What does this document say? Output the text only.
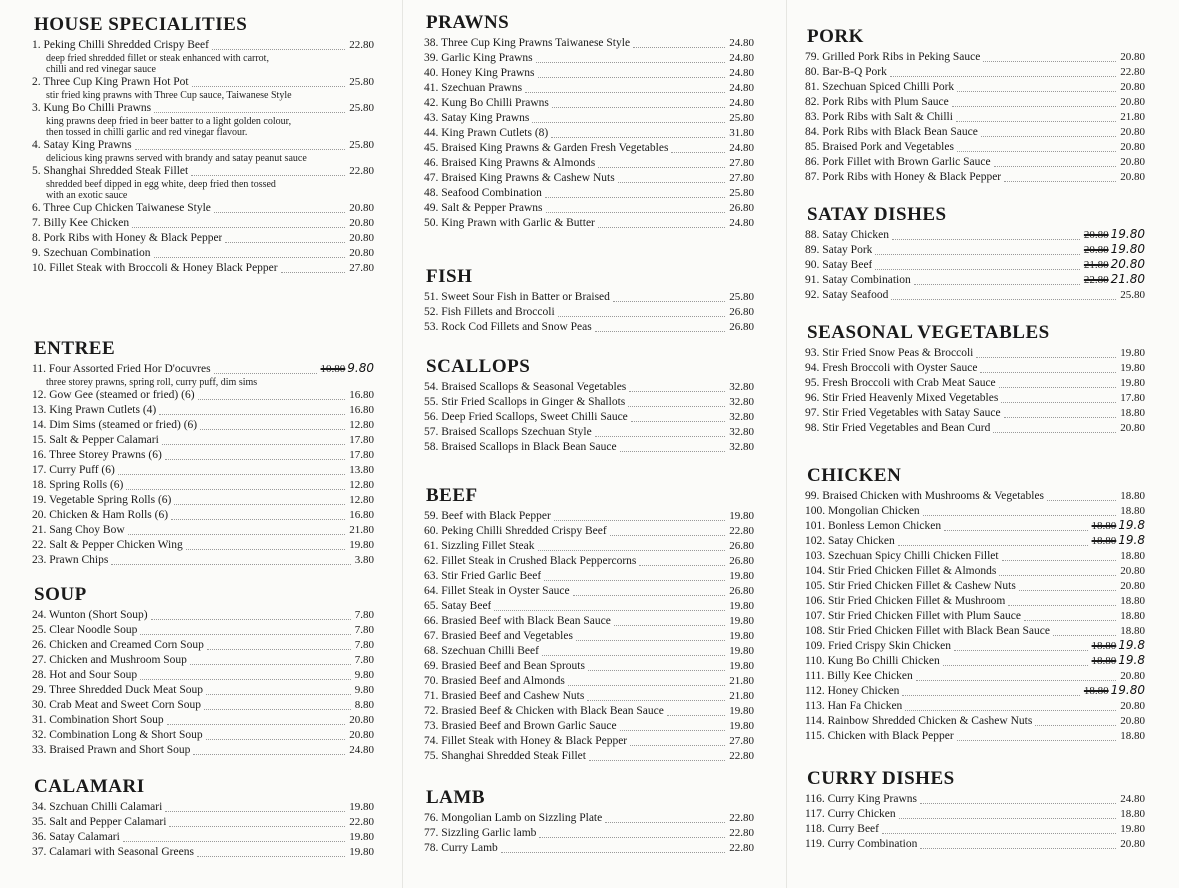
HOUSE SPECIALITIES
1. Peking Chilli Shredded Crispy Beef	22.80
deep fried shredded fillet or steak enhanced with carrot,
chilli and red vinegar sauce
2. Three Cup King Prawn Hot Pot	25.80
stir fried king prawns with Three Cup sauce, Taiwanese Style
3. Kung Bo Chilli Prawns	25.80
king prawns deep fried in beer batter to a light golden colour,
then tossed in chilli garlic and red vinegar flavour.
4. Satay King Prawns	25.80
delicious king prawns served with brandy and satay peanut sauce
5. Shanghai Shredded Steak Fillet	22.80
shredded beef dipped in egg white, deep fried then tossed
with an exotic sauce
6. Three Cup Chicken Taiwanese Style	20.80
7. Billy Kee Chicken	20.80
8. Pork Ribs with Honey & Black Pepper	20.80
9. Szechuan Combination	20.80
10. Fillet Steak with Broccoli & Honey Black Pepper	27.80
ENTREE
11. Four Assorted Fried Hor D'ocuvres	10.80 9.80
three storey prawns, spring roll, curry puff, dim sims
12. Gow Gee (steamed or fried) (6)	16.80
13. King Prawn Cutlets (4)	16.80
14. Dim Sims (steamed or fried) (6)	12.80
15. Salt & Pepper Calamari	17.80
16. Three Storey Prawns (6)	17.80
17. Curry Puff (6)	13.80
18. Spring Rolls (6)	12.80
19. Vegetable Spring Rolls (6)	12.80
20. Chicken & Ham Rolls (6)	16.80
21. Sang Choy Bow	21.80
22. Salt & Pepper Chicken Wing	19.80
23. Prawn Chips	3.80
SOUP
24. Wunton (Short Soup)	7.80
25. Clear Noodle Soup	7.80
26. Chicken and Creamed Corn Soup	7.80
27. Chicken and Mushroom Soup	7.80
28. Hot and Sour Soup	9.80
29. Three Shredded Duck Meat Soup	9.80
30. Crab Meat and Sweet Corn Soup	8.80
31. Combination Short Soup	20.80
32. Combination Long & Short Soup	20.80
33. Braised Prawn and Short Soup	24.80
CALAMARI
34. Szchuan Chilli Calamari	19.80
35. Salt and Pepper Calamari	22.80
36. Satay Calamari	19.80
37. Calamari with Seasonal Greens	19.80
PRAWNS
38. Three Cup King Prawns Taiwanese Style	24.80
39. Garlic King Prawns	24.80
40. Honey King Prawns	24.80
41. Szechuan Prawns	24.80
42. Kung Bo Chilli Prawns	24.80
43. Satay King Prawns	25.80
44. King Prawn Cutlets (8)	31.80
45. Braised King Prawns & Garden Fresh Vegetables	24.80
46. Braised King Prawns & Almonds	27.80
47. Braised King Prawns & Cashew Nuts	27.80
48. Seafood Combination	25.80
49. Salt & Pepper Prawns	26.80
50. King Prawn with Garlic & Butter	24.80
FISH
51. Sweet Sour Fish in Batter or Braised	25.80
52. Fish Fillets and Broccoli	26.80
53. Rock Cod Fillets and Snow Peas	26.80
SCALLOPS
54. Braised Scallops & Seasonal Vegetables	32.80
55. Stir Fried Scallops in Ginger & Shallots	32.80
56. Deep Fried Scallops, Sweet Chilli Sauce	32.80
57. Braised Scallops Szechuan Style	32.80
58. Braised Scallops in Black Bean Sauce	32.80
BEEF
59. Beef with Black Pepper	19.80
60. Peking Chilli Shredded Crispy Beef	22.80
61. Sizzling Fillet Steak	26.80
62. Fillet Steak in Crushed Black Peppercorns	26.80
63. Stir Fried Garlic Beef	19.80
64. Fillet Steak in Oyster Sauce	26.80
65. Satay Beef	19.80
66. Brasied Beef with Black Bean Sauce	19.80
67. Brasied Beef and Vegetables	19.80
68. Szechuan Chilli Beef	19.80
69. Brasied Beef and Bean Sprouts	19.80
70. Brasied Beef and Almonds	21.80
71. Brasied Beef and Cashew Nuts	21.80
72. Brasied Beef & Chicken with Black Bean Sauce	19.80
73. Brasied Beef and Brown Garlic Sauce	19.80
74. Fillet Steak with Honey & Black Pepper	27.80
75. Shanghai Shredded Steak Fillet	22.80
LAMB
76. Mongolian Lamb on Sizzling Plate	22.80
77. Sizzling Garlic lamb	22.80
78. Curry Lamb	22.80
PORK
79. Grilled Pork Ribs in Peking Sauce	20.80
80. Bar-B-Q Pork	22.80
81. Szechuan Spiced Chilli Pork	20.80
82. Pork Ribs with Plum Sauce	20.80
83. Pork Ribs with Salt & Chilli	21.80
84. Pork Ribs with Black Bean Sauce	20.80
85. Braised Pork and Vegetables	20.80
86. Pork Fillet with Brown Garlic Sauce	20.80
87. Pork Ribs with Honey & Black Pepper	20.80
SATAY DISHES
88. Satay Chicken	20.80 19.80
89. Satay Pork	20.80 19.80
90. Satay Beef	21.80 20.80
91. Satay Combination	22.80 21.80
92. Satay Seafood	25.80
SEASONAL VEGETABLES
93. Stir Fried Snow Peas & Broccoli	19.80
94. Fresh Broccoli with Oyster Sauce	19.80
95. Fresh Broccoli with Crab Meat Sauce	19.80
96. Stir Fried Heavenly Mixed Vegetables	17.80
97. Stir Fried Vegetables with Satay Sauce	18.80
98. Stir Fried Vegetables and Bean Curd	20.80
CHICKEN
99. Braised Chicken with Mushrooms & Vegetables	18.80
100. Mongolian Chicken	18.80
101. Bonless Lemon Chicken	18.80 19.8
102. Satay Chicken	18.80 19.8
103. Szechuan Spicy Chilli Chicken Fillet	18.80
104. Stir Fried Chicken Fillet & Almonds	20.80
105. Stir Fried Chicken Fillet & Cashew Nuts	20.80
106. Stir Fried Chicken Fillet & Mushroom	18.80
107. Stir Fried Chicken Fillet with Plum Sauce	18.80
108. Stir Fried Chicken Fillet with Black Bean Sauce	18.80
109. Fried Crispy Skin Chicken	18.80 19.8
110. Kung Bo Chilli Chicken	18.80 19.8
111. Billy Kee Chicken	20.80
112. Honey Chicken	18.80 19.80
113. Han Fa Chicken	20.80
114. Rainbow Shredded Chicken & Cashew Nuts	20.80
115. Chicken with Black Pepper	18.80
CURRY DISHES
116. Curry King Prawns	24.80
117. Curry Chicken	18.80
118. Curry Beef	19.80
119. Curry Combination	20.80
